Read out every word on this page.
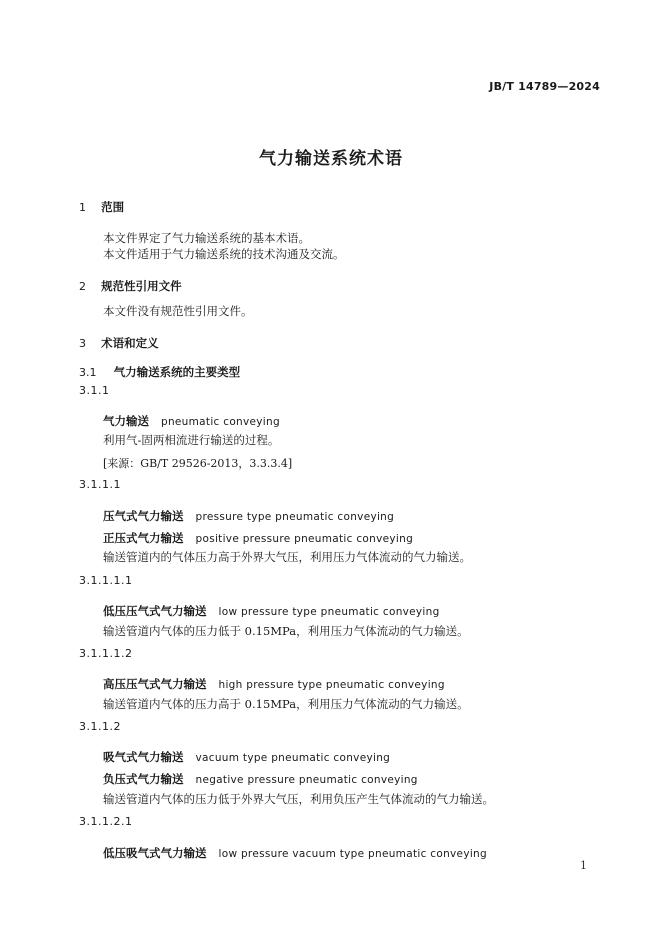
JB/T 14789—2024
气力输送系统术语
1 范围
本文件界定了气力输送系统的基本术语。
本文件适用于气力输送系统的技术沟通及交流。
2 规范性引用文件
本文件没有规范性引用文件。
3 术语和定义
3.1 气力输送系统的主要类型
3.1.1
气力输送 pneumatic conveying
利用气-固两相流进行输送的过程。
[来源：GB/T 29526-2013，3.3.3.4]
3.1.1.1
压气式气力输送 pressure type pneumatic conveying
正压式气力输送 positive pressure pneumatic conveying
输送管道内的气体压力高于外界大气压，利用压力气体流动的气力输送。
3.1.1.1.1
低压压气式气力输送 low pressure type pneumatic conveying
输送管道内气体的压力低于 0.15MPa，利用压力气体流动的气力输送。
3.1.1.1.2
高压压气式气力输送 high pressure type pneumatic conveying
输送管道内气体的压力高于 0.15MPa，利用压力气体流动的气力输送。
3.1.1.2
吸气式气力输送 vacuum type pneumatic conveying
负压式气力输送 negative pressure pneumatic conveying
输送管道内气体的压力低于外界大气压，利用负压产生气体流动的气力输送。
3.1.1.2.1
低压吸气式气力输送 low pressure vacuum type pneumatic conveying
1
